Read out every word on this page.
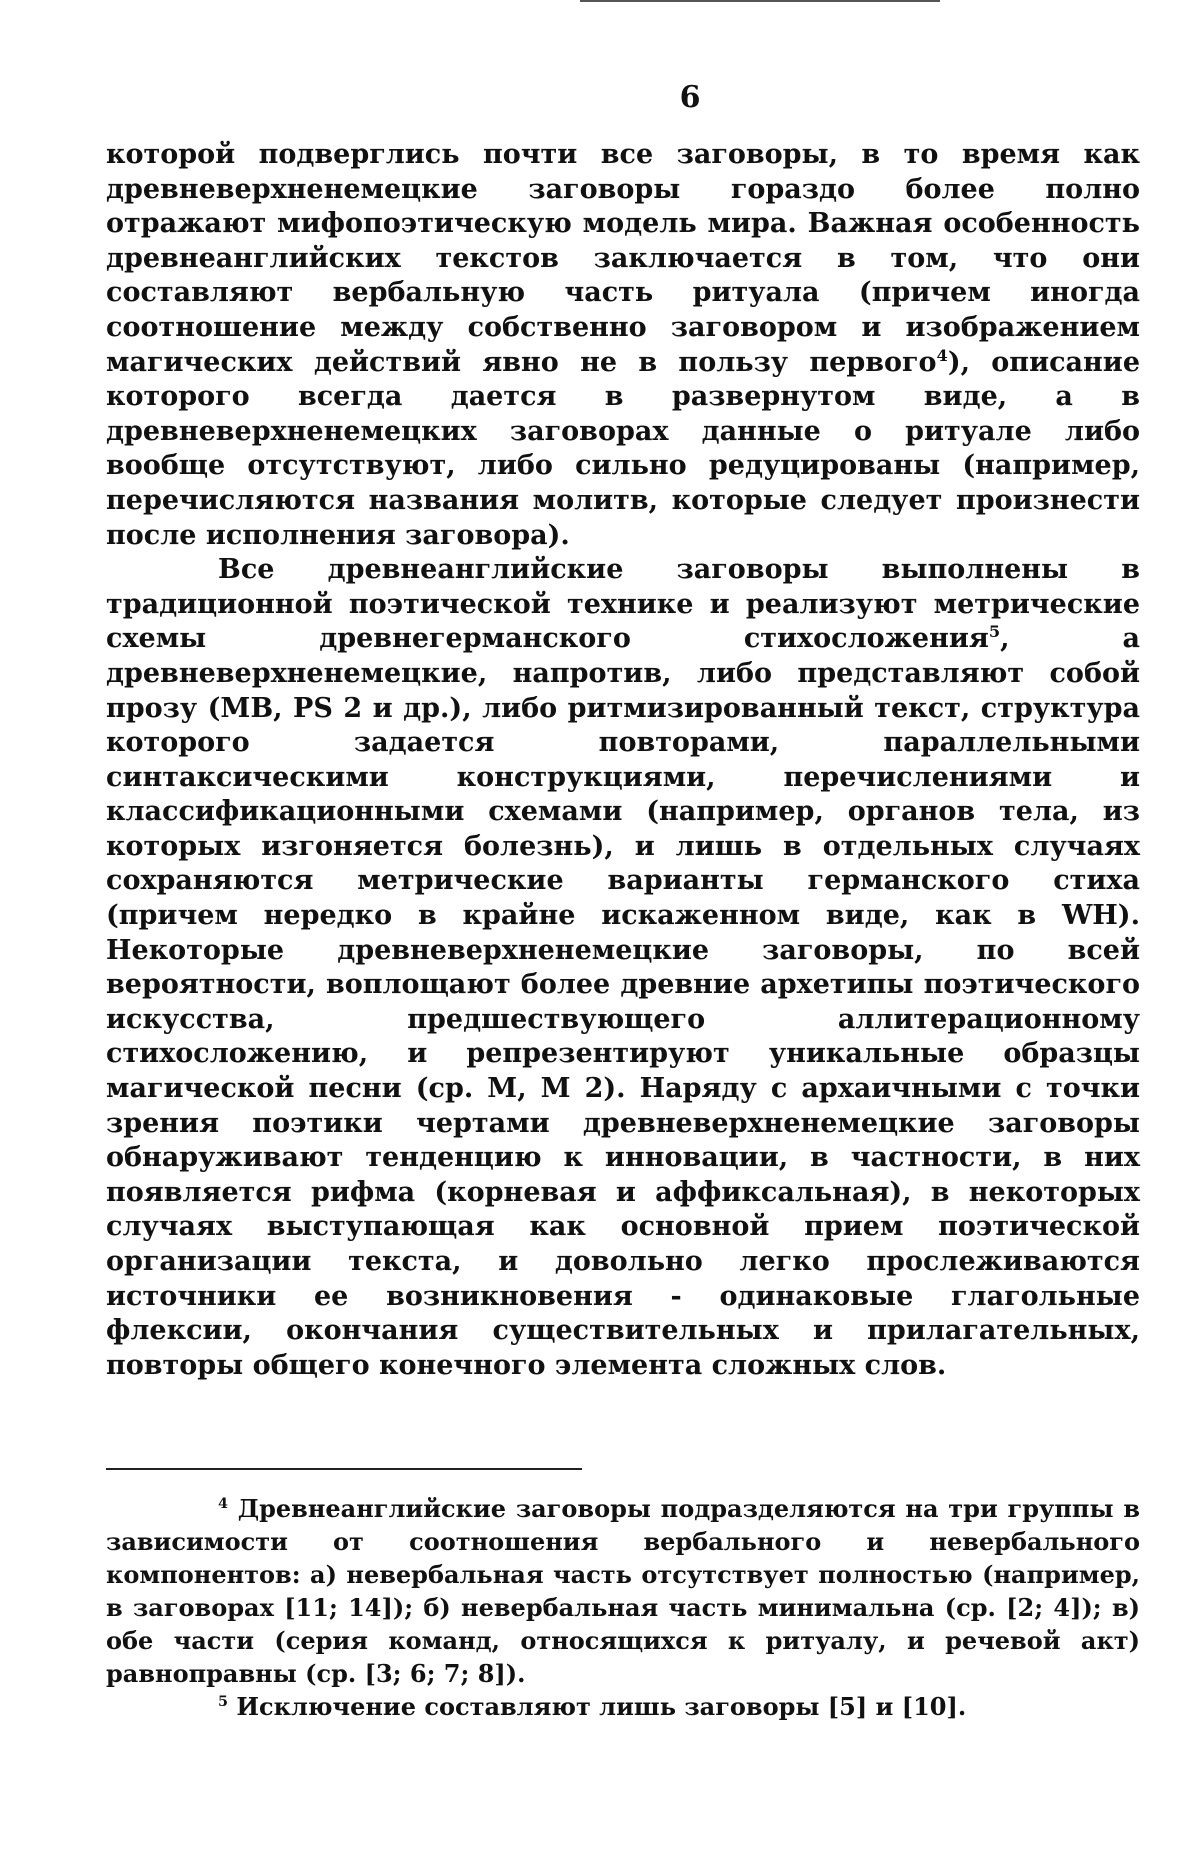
6

которой подверглись почти все заговоры, в то время как древневерхненемецкие заговоры гораздо более полно отражают мифопоэтическую модель мира. Важная особенность древнеанглийских текстов заключается в том, что они составляют вербальную часть ритуала (причем иногда соотношение между собственно заговором и изображением магических действий явно не в пользу первого$^4$), описание которого всегда дается в развернутом виде, а в древневерхненемецких заговорах данные о ритуале либо вообще отсутствуют, либо сильно редуцированы (например, перечисляются названия молитв, которые следует произнести после исполнения заговора).

Все древнеанглийские заговоры выполнены в традиционной поэтической технике и реализуют метрические схемы древнегерманского стихосложения$^5$, а древневерхненемецкие, напротив, либо представляют собой прозу (MB, PS 2 и др.), либо ритмизированный текст, структура которого задается повторами, параллельными синтаксическими конструкциями, перечислениями и классификационными схемами (например, органов тела, из которых изгоняется болезнь), и лишь в отдельных случаях сохраняются метрические варианты германского стиха (причем нередко в крайне искаженном виде, как в WH). Некоторые древневерхненемецкие заговоры, по всей вероятности, воплощают более древние архетипы поэтического искусства, предшествующего аллитерационному стихосложению, и репрезентируют уникальные образцы магической песни (ср. M, M 2). Наряду с архаичными с точки зрения поэтики чертами древневерхненемецкие заговоры обнаруживают тенденцию к инновации, в частности, в них появляется рифма (корневая и аффиксальная), в некоторых случаях выступающая как основной прием поэтической организации текста, и довольно легко прослеживаются источники ее возникновения - одинаковые глагольные флексии, окончания существительных и прилагательных, повторы общего конечного элемента сложных слов.

$^4$ Древнеанглийские заговоры подразделяются на три группы в зависимости от соотношения вербального и невербального компонентов: а) невербальная часть отсутствует полностью (например, в заговорах [11; 14]); б) невербальная часть минимальна (ср. [2; 4]); в) обе части (серия команд, относящихся к ритуалу, и речевой акт) равноправны (ср. [3; 6; 7; 8]).

$^5$ Исключение составляют лишь заговоры [5] и [10].
